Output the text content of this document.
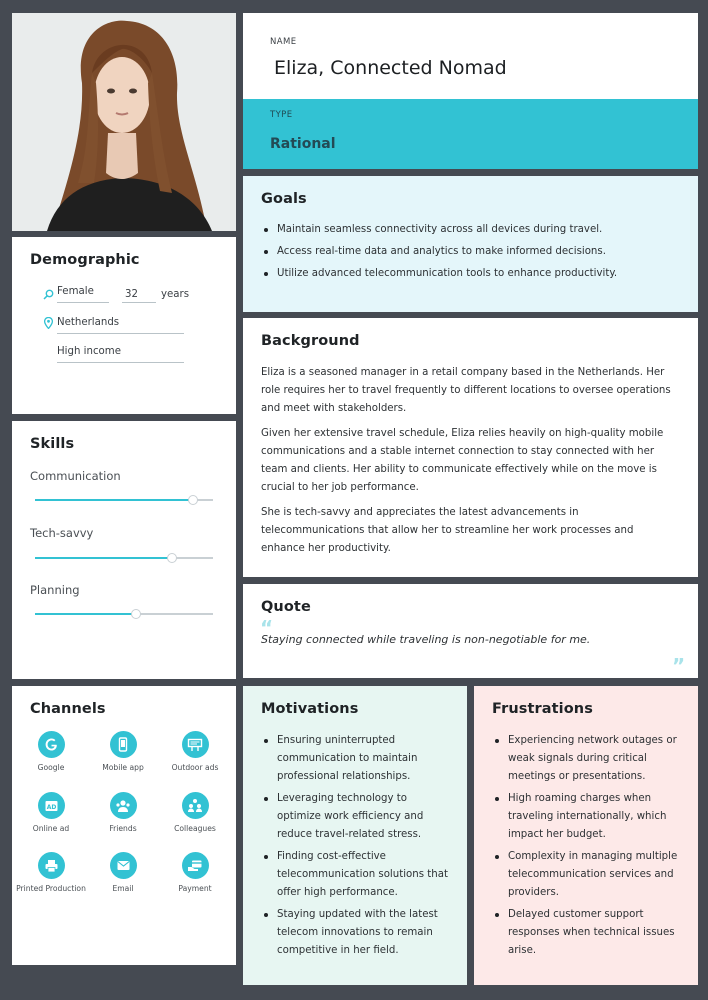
NAME
Eliza, Connected Nomad
TYPE
Rational
Goals
Maintain seamless connectivity across all devices during travel.
Access real-time data and analytics to make informed decisions.
Utilize advanced telecommunication tools to enhance productivity.
Demographic
Female	32 years
Netherlands
High income
Skills
Communication
Tech-savvy
Planning
Background

Eliza is a seasoned manager in a retail company based in the Netherlands. Her role requires her to travel frequently to different locations to oversee operations and meet with stakeholders.

Given her extensive travel schedule, Eliza relies heavily on high-quality mobile communications and a stable internet connection to stay connected with her team and clients. Her ability to communicate effectively while on the move is crucial to her job performance.

She is tech-savvy and appreciates the latest advancements in telecommunications that allow her to streamline her work processes and enhance her productivity.

Quote
“
Staying connected while traveling is non-negotiable for me.
”
Channels
Google	Mobile app	Outdoor ads
AD
Online ad	Friends	Colleagues
Printed Production	Email	Payment
Motivations
Ensuring uninterrupted communication to maintain professional relationships.
Leveraging technology to optimize work efficiency and reduce travel-related stress.
Finding cost-effective telecommunication solutions that offer high performance.
Staying updated with the latest telecom innovations to remain competitive in her field.
Frustrations
Experiencing network outages or weak signals during critical meetings or presentations.
High roaming charges when traveling internationally, which impact her budget.
Complexity in managing multiple telecommunication services and providers.
Delayed customer support responses when technical issues arise.
